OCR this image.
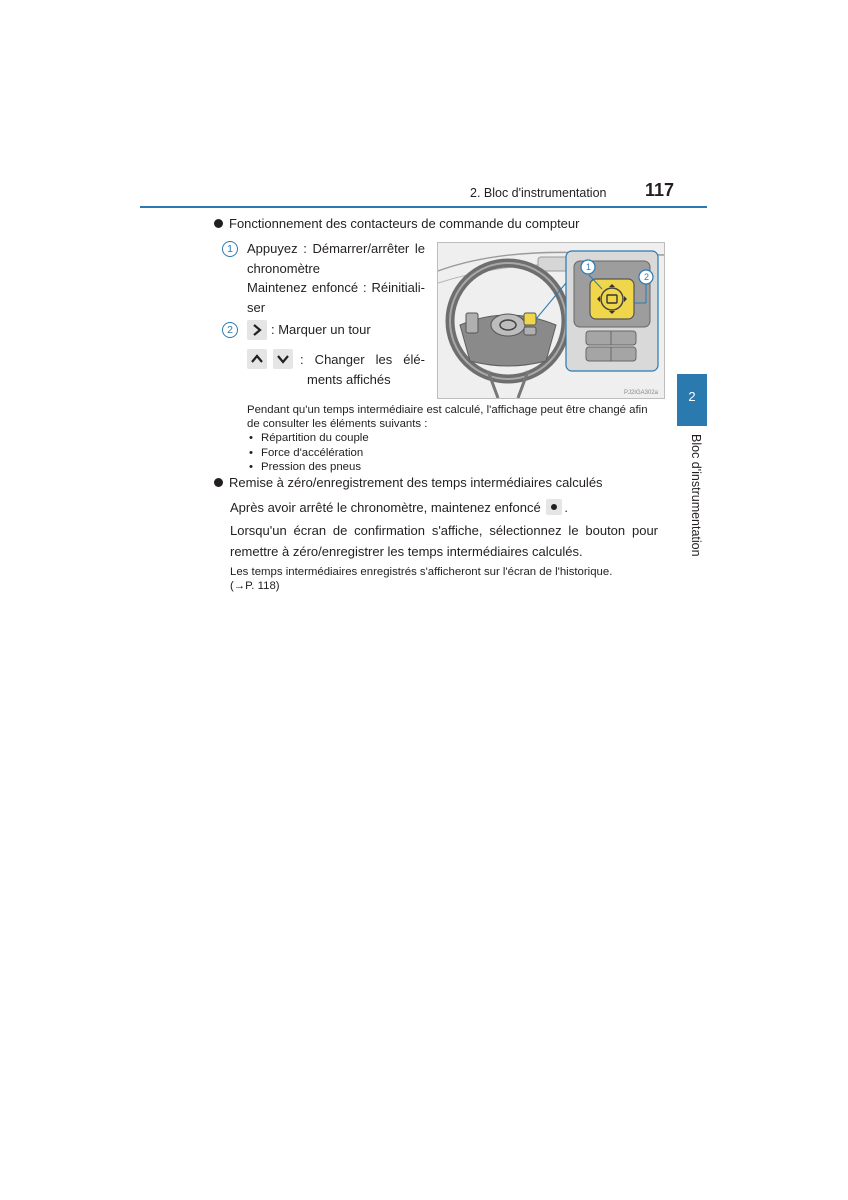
2. Bloc d'instrumentation 117
2
Bloc d'instrumentation
Fonctionnement des contacteurs de commande du compteur
1	Appuyez : Démarrer/arrêter le
chronomètre
Maintenez enfoncé : Réinitiali-
ser
2	: Marquer un tour
: Changer les élé-
ments affichés
1
2
PJ2IGA302a
Pendant qu'un temps intermédiaire est calculé, l'affichage peut être changé afin
de consulter les éléments suivants :
• Répartition du couple
• Force d'accélération
• Pression des pneus
Remise à zéro/enregistrement des temps intermédiaires calculés
Après avoir arrêté le chronomètre, maintenez enfoncé .
Lorsqu'un écran de confirmation s'affiche, sélectionnez le bouton pour
remettre à zéro/enregistrer les temps intermédiaires calculés.
Les temps intermédiaires enregistrés s'afficheront sur l'écran de l'historique.
(→P. 118)
